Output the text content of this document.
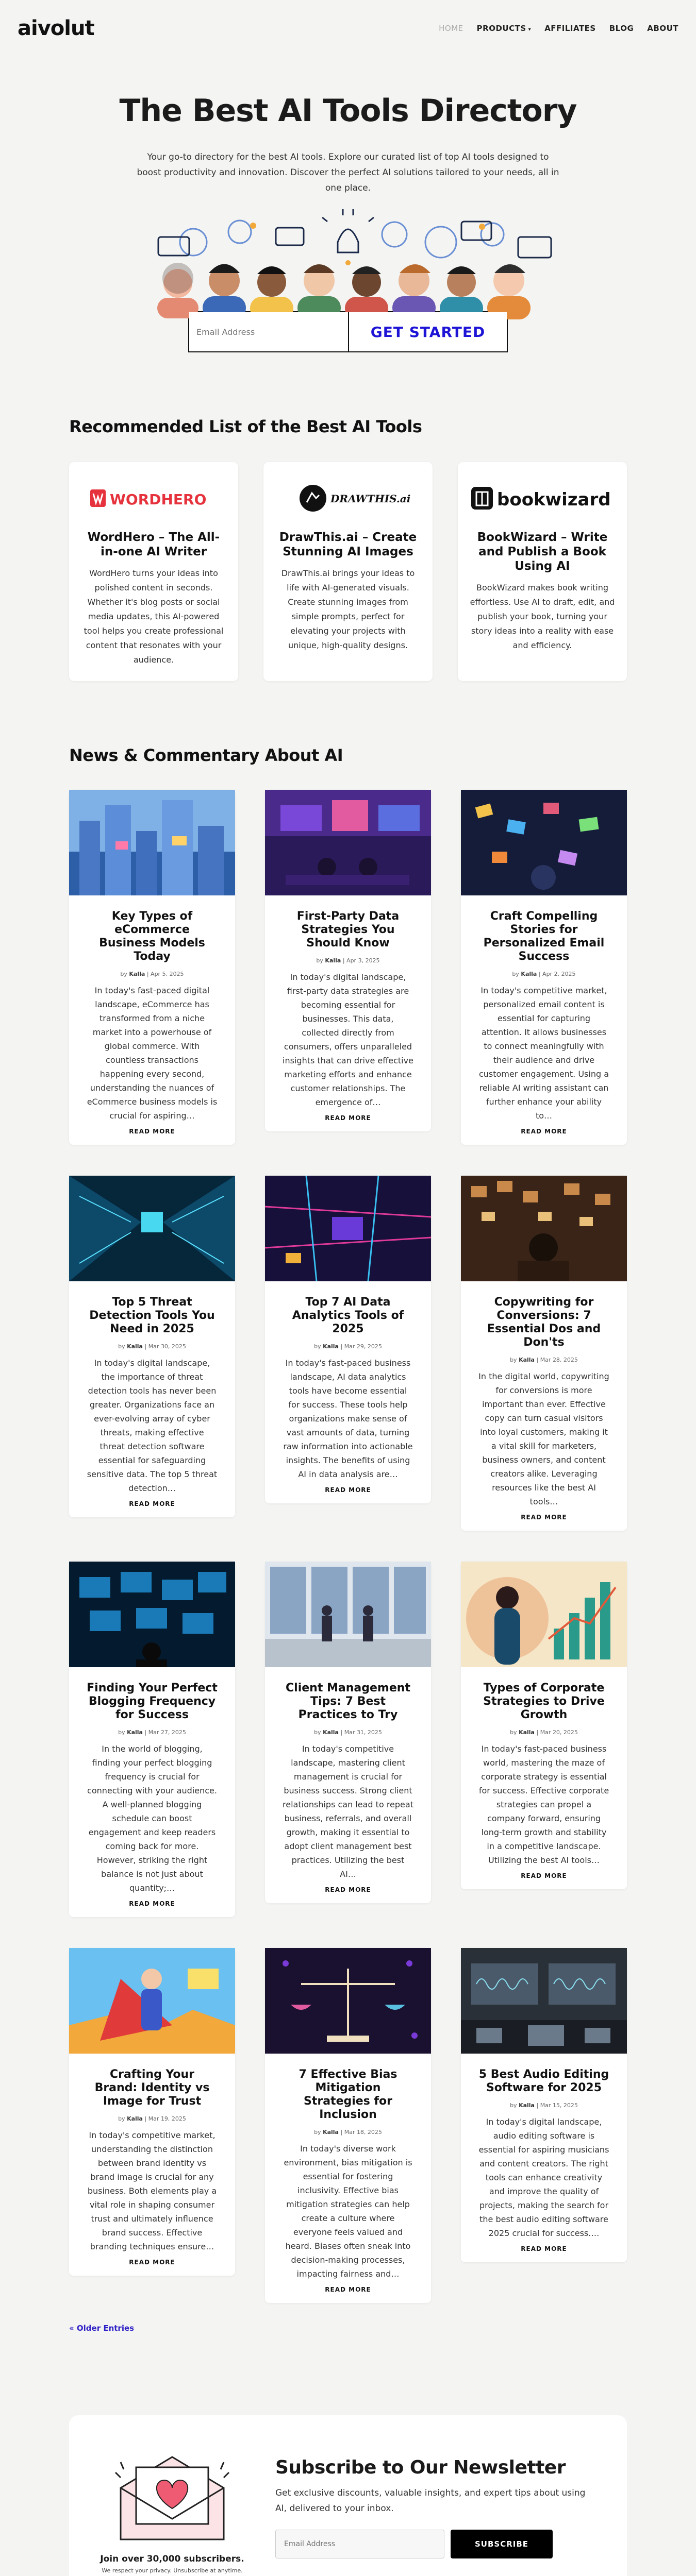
aivolut	HOME PRODUCTS ▾ AFFILIATES BLOG ABOUT
The Best AI Tools Directory

Your go-to directory for the best AI tools. Explore our curated list of top AI tools designed to boost productivity and innovation. Discover the perfect AI solutions tailored to your needs, all in one place.

Email Address
GET STARTED
Recommended List of the Best AI Tools
WORDHERO
WordHero – The All-in-one AI Writer

WordHero turns your ideas into polished content in seconds. Whether it's blog posts or social media updates, this AI-powered tool helps you create professional content that resonates with your audience.

DRAWTHIS.ai
DrawThis.ai – Create Stunning AI Images

DrawThis.ai brings your ideas to life with AI-generated visuals. Create stunning images from simple prompts, perfect for elevating your projects with unique, high-quality designs.

bookwizard
BookWizard – Write and Publish a Book Using AI

BookWizard makes book writing effortless. Use AI to draft, edit, and publish your book, turning your story ideas into a reality with ease and efficiency.

News & Commentary About AI
Key Types of eCommerce Business Models Today
by Kalla | Apr 5, 2025

In today's fast-paced digital landscape, eCommerce has transformed from a niche market into a powerhouse of global commerce. With countless transactions happening every second, understanding the nuances of eCommerce business models is crucial for aspiring…

READ MORE
First-Party Data Strategies You Should Know
by Kalla | Apr 3, 2025

In today's digital landscape, first-party data strategies are becoming essential for businesses. This data, collected directly from consumers, offers unparalleled insights that can drive effective marketing efforts and enhance customer relationships. The emergence of…

READ MORE
Craft Compelling Stories for Personalized Email Success
by Kalla | Apr 2, 2025

In today's competitive market, personalized email content is essential for capturing attention. It allows businesses to connect meaningfully with their audience and drive customer engagement. Using a reliable AI writing assistant can further enhance your ability to…

READ MORE
Top 5 Threat Detection Tools You Need in 2025
by Kalla | Mar 30, 2025

In today's digital landscape, the importance of threat detection tools has never been greater. Organizations face an ever-evolving array of cyber threats, making effective threat detection software essential for safeguarding sensitive data. The top 5 threat detection…

READ MORE
Top 7 AI Data Analytics Tools of 2025
by Kalla | Mar 29, 2025

In today's fast-paced business landscape, AI data analytics tools have become essential for success. These tools help organizations make sense of vast amounts of data, turning raw information into actionable insights. The benefits of using AI in data analysis are…

READ MORE
Copywriting for Conversions: 7 Essential Dos and Don'ts
by Kalla | Mar 28, 2025

In the digital world, copywriting for conversions is more important than ever. Effective copy can turn casual visitors into loyal customers, making it a vital skill for marketers, business owners, and content creators alike. Leveraging resources like the best AI tools…

READ MORE
Finding Your Perfect Blogging Frequency for Success
by Kalla | Mar 27, 2025

In the world of blogging, finding your perfect blogging frequency is crucial for connecting with your audience. A well-planned blogging schedule can boost engagement and keep readers coming back for more. However, striking the right balance is not just about quantity;…

READ MORE
Client Management Tips: 7 Best Practices to Try
by Kalla | Mar 31, 2025

In today's competitive landscape, mastering client management is crucial for business success. Strong client relationships can lead to repeat business, referrals, and overall growth, making it essential to adopt client management best practices. Utilizing the best AI…

READ MORE
Types of Corporate Strategies to Drive Growth
by Kalla | Mar 20, 2025

In today's fast-paced business world, mastering the maze of corporate strategy is essential for success. Effective corporate strategies can propel a company forward, ensuring long-term growth and stability in a competitive landscape. Utilizing the best AI tools…

READ MORE
Crafting Your Brand: Identity vs Image for Trust
by Kalla | Mar 19, 2025

In today's competitive market, understanding the distinction between brand identity vs brand image is crucial for any business. Both elements play a vital role in shaping consumer trust and ultimately influence brand success. Effective branding techniques ensure…

READ MORE
7 Effective Bias Mitigation Strategies for Inclusion
by Kalla | Mar 18, 2025

In today's diverse work environment, bias mitigation is essential for fostering inclusivity. Effective bias mitigation strategies can help create a culture where everyone feels valued and heard. Biases often sneak into decision-making processes, impacting fairness and…

READ MORE
5 Best Audio Editing Software for 2025
by Kalla | Mar 15, 2025

In today's digital landscape, audio editing software is essential for aspiring musicians and content creators. The right tools can enhance creativity and improve the quality of projects, making the search for the best audio editing software 2025 crucial for success.…

READ MORE
« Older Entries
Join over 30,000 subscribers.
We respect your privacy. Unsubscribe at anytime.
Subscribe to Our Newsletter

Get exclusive discounts, valuable insights, and expert tips about using AI, delivered to your inbox.

Email Address
SUBSCRIBE
